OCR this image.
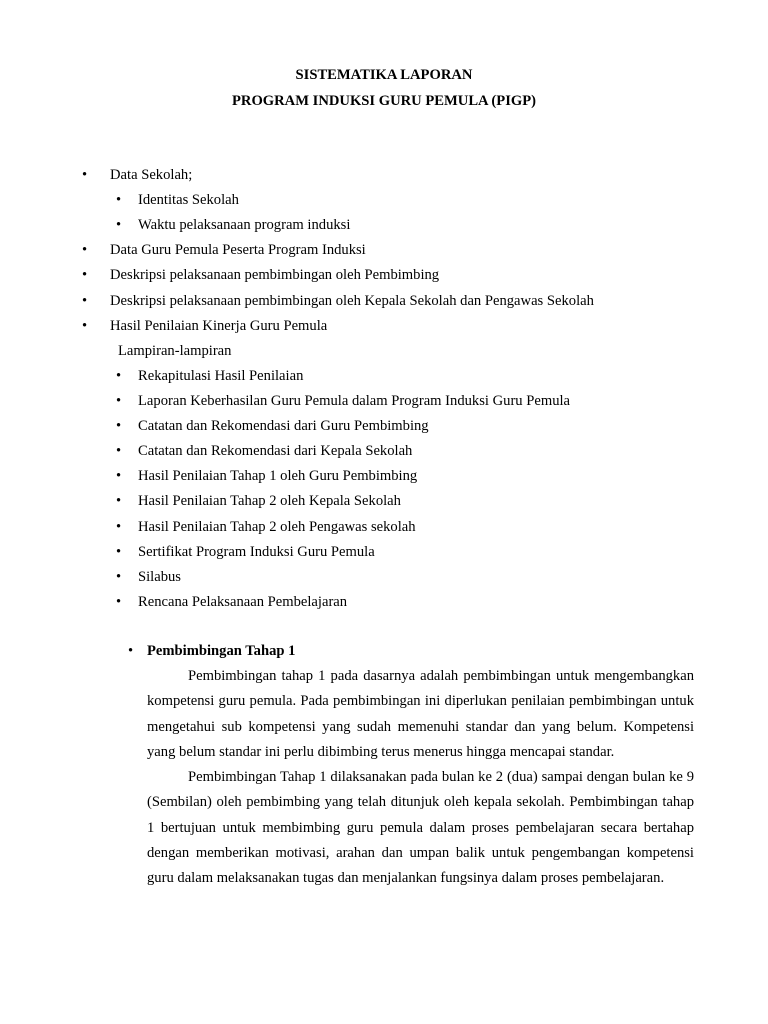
SISTEMATIKA LAPORAN
PROGRAM INDUKSI GURU PEMULA (PIGP)
• Data Sekolah;
• Identitas Sekolah
• Waktu pelaksanaan program induksi
• Data Guru Pemula Peserta Program Induksi
• Deskripsi pelaksanaan pembimbingan oleh Pembimbing
• Deskripsi pelaksanaan pembimbingan oleh Kepala Sekolah dan Pengawas Sekolah
• Hasil Penilaian Kinerja Guru Pemula
Lampiran-lampiran
• Rekapitulasi Hasil Penilaian
• Laporan Keberhasilan Guru Pemula dalam Program Induksi Guru Pemula
• Catatan dan Rekomendasi dari Guru Pembimbing
• Catatan dan Rekomendasi dari Kepala Sekolah
• Hasil Penilaian Tahap 1 oleh Guru Pembimbing
• Hasil Penilaian Tahap 2 oleh Kepala Sekolah
• Hasil Penilaian Tahap 2 oleh Pengawas sekolah
• Sertifikat Program Induksi Guru Pemula
• Silabus
• Rencana Pelaksanaan Pembelajaran
• Pembimbingan Tahap 1

Pembimbingan tahap 1 pada dasarnya adalah pembimbingan untuk mengembangkan kompetensi guru pemula. Pada pembimbingan ini diperlukan penilaian pembimbingan untuk mengetahui sub kompetensi yang sudah memenuhi standar dan yang belum. Kompetensi yang belum standar ini perlu dibimbing terus menerus hingga mencapai standar.

Pembimbingan Tahap 1 dilaksanakan pada bulan ke 2 (dua) sampai dengan bulan ke 9 (Sembilan) oleh pembimbing yang telah ditunjuk oleh kepala sekolah. Pembimbingan tahap 1 bertujuan untuk membimbing guru pemula dalam proses pembelajaran secara bertahap dengan memberikan motivasi, arahan dan umpan balik untuk pengembangan kompetensi guru dalam melaksanakan tugas dan menjalankan fungsinya dalam proses pembelajaran.
